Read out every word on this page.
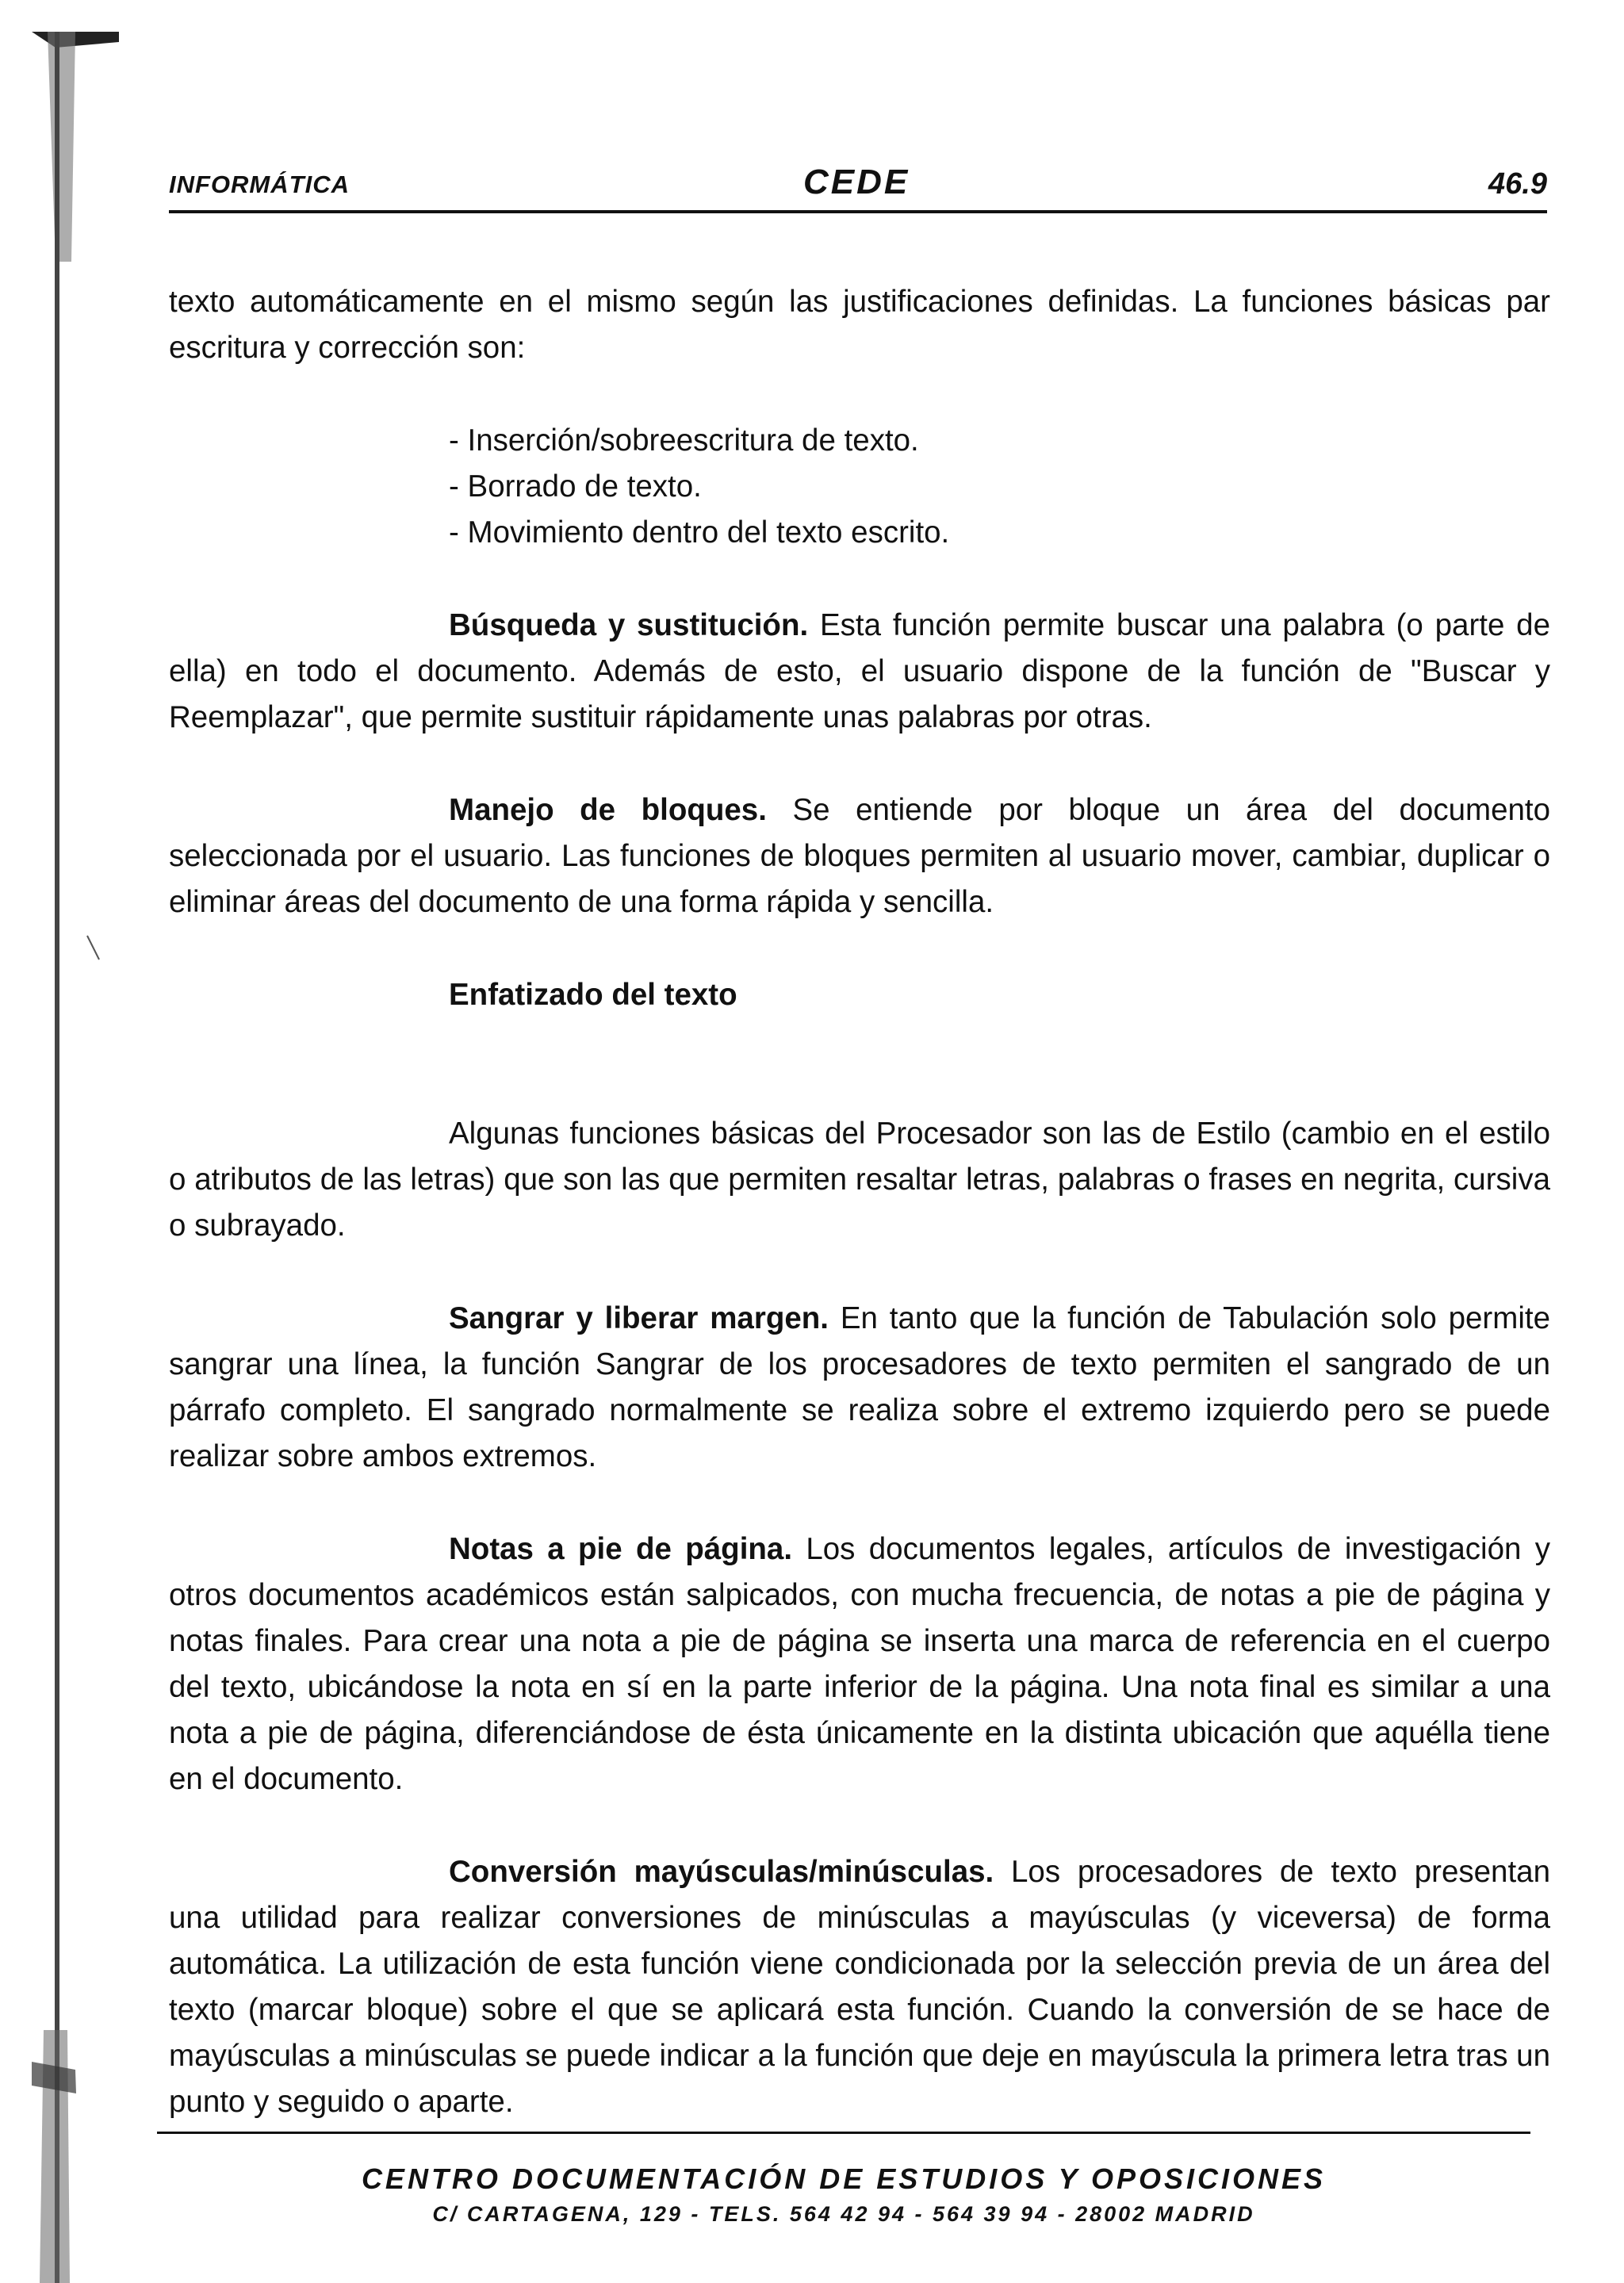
INFORMÁTICA	CEDE	46.9

texto automáticamente en el mismo según las justificaciones definidas. La funciones básicas par escritura y corrección son:

- Inserción/sobreescritura de texto.
- Borrado de texto.
- Movimiento dentro del texto escrito.

Búsqueda y sustitución. Esta función permite buscar una palabra (o parte de ella) en todo el documento. Además de esto, el usuario dispone de la función de "Buscar y Reemplazar", que permite sustituir rápidamente unas palabras por otras.

Manejo de bloques. Se entiende por bloque un área del documento seleccionada por el usuario. Las funciones de bloques permiten al usuario mover, cambiar, duplicar o eliminar áreas del documento de una forma rápida y sencilla.

Enfatizado del texto

Algunas funciones básicas del Procesador son las de Estilo (cambio en el estilo o atributos de las letras) que son las que permiten resaltar letras, palabras o frases en negrita, cursiva o subrayado.

Sangrar y liberar margen. En tanto que la función de Tabulación solo permite sangrar una línea, la función Sangrar de los procesadores de texto permiten el sangrado de un párrafo completo. El sangrado normalmente se realiza sobre el extremo izquierdo pero se puede realizar sobre ambos extremos.

Notas a pie de página. Los documentos legales, artículos de investigación y otros documentos académicos están salpicados, con mucha frecuencia, de notas a pie de página y notas finales. Para crear una nota a pie de página se inserta una marca de referencia en el cuerpo del texto, ubicándose la nota en sí en la parte inferior de la página. Una nota final es similar a una nota a pie de página, diferenciándose de ésta únicamente en la distinta ubicación que aquélla tiene en el documento.

Conversión mayúsculas/minúsculas. Los procesadores de texto presentan una utilidad para realizar conversiones de minúsculas a mayúsculas (y viceversa) de forma automática. La utilización de esta función viene condicionada por la selección previa de un área del texto (marcar bloque) sobre el que se aplicará esta función. Cuando la conversión de se hace de mayúsculas a minúsculas se puede indicar a la función que deje en mayúscula la primera letra tras un punto y seguido o aparte.

CENTRO DOCUMENTACIÓN DE ESTUDIOS Y OPOSICIONES
C/ CARTAGENA, 129 - TELS. 564 42 94 - 564 39 94 - 28002 MADRID
